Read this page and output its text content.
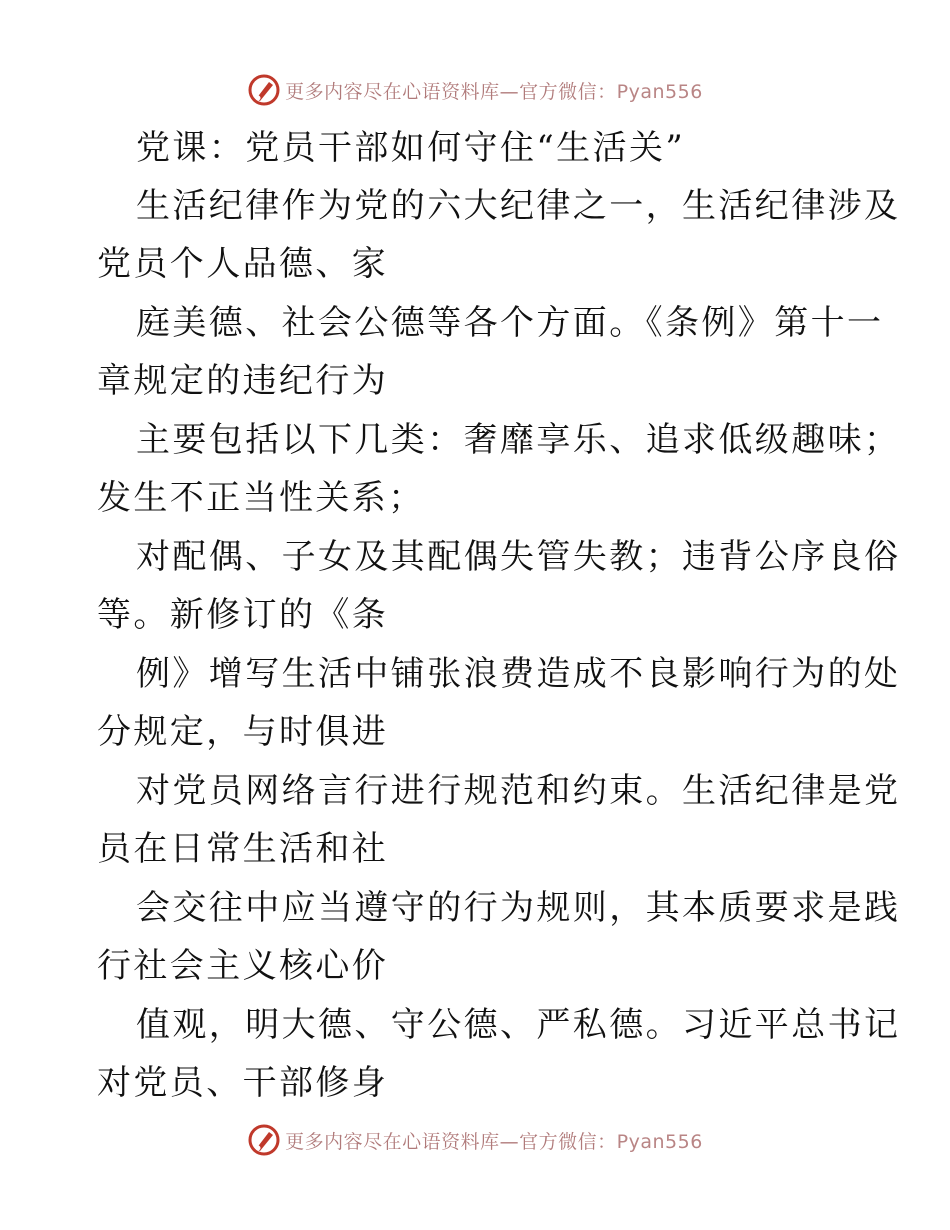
更多内容尽在心语资料库—官方微信：Pyan556
党课：党员干部如何守住“生活关”
生活纪律作为党的六大纪律之一，生活纪律涉及
党员个人品德、家
庭美德、社会公德等各个方面。《条例》第十一
章规定的违纪行为
主要包括以下几类：奢靡享乐、追求低级趣味；
发生不正当性关系；
对配偶、子女及其配偶失管失教；违背公序良俗
等。新修订的《条
例》增写生活中铺张浪费造成不良影响行为的处
分规定，与时俱进
对党员网络言行进行规范和约束。生活纪律是党
员在日常生活和社
会交往中应当遵守的行为规则，其本质要求是践
行社会主义核心价
值观，明大德、守公德、严私德。习近平总书记
对党员、干部修身
更多内容尽在心语资料库—官方微信：Pyan556
